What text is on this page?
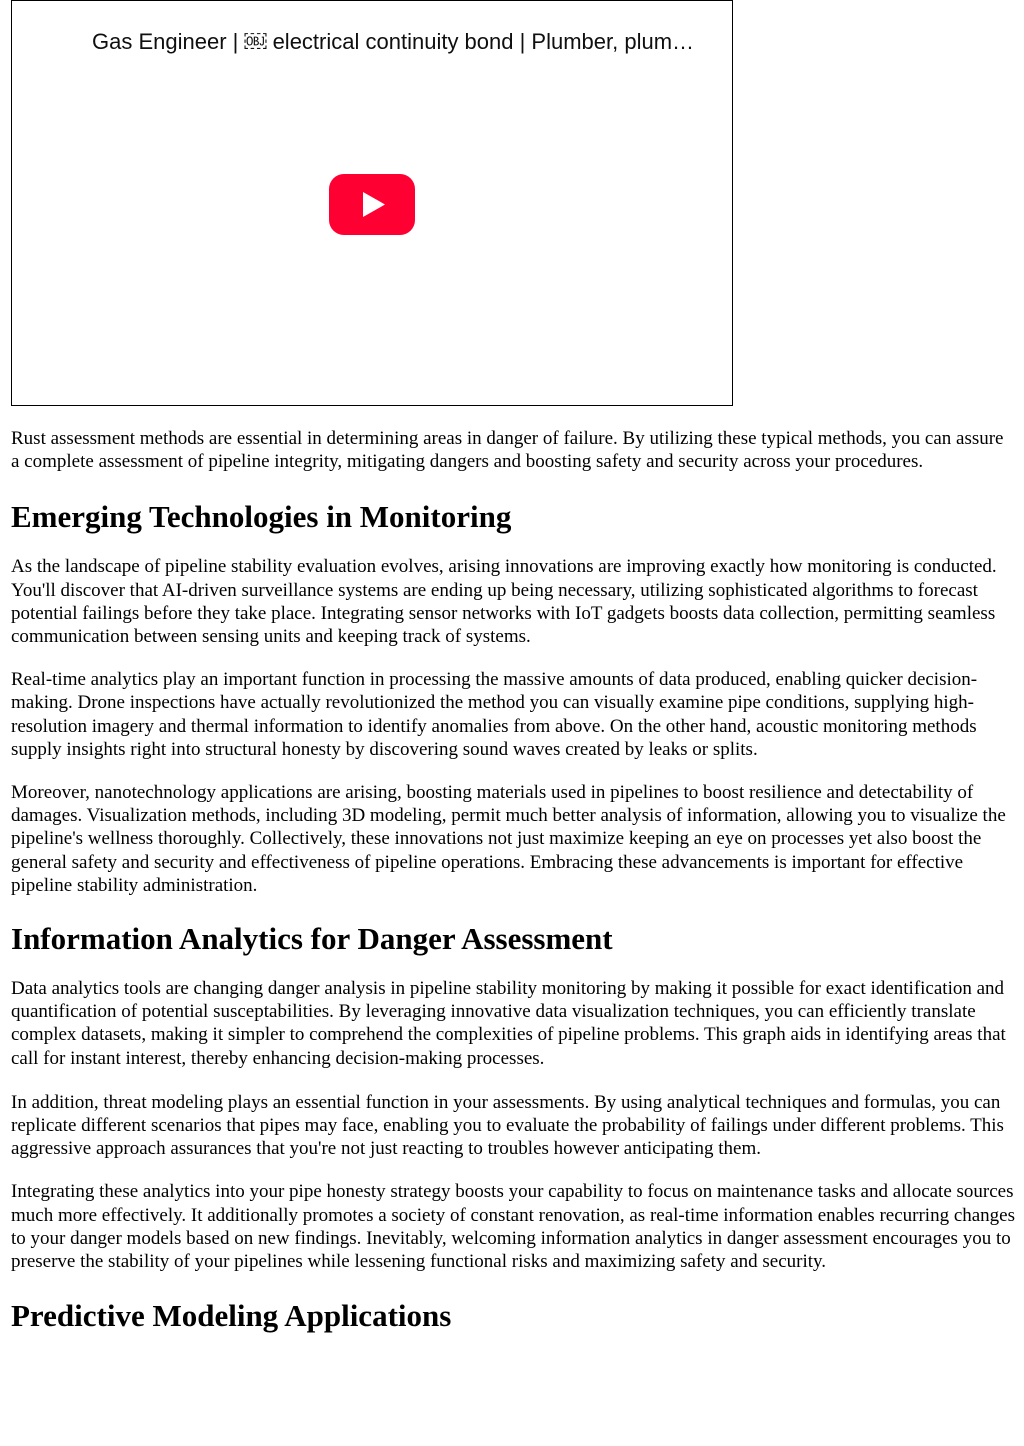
Gas Engineer | ￼ electrical continuity bond | Plumber, plum…

Rust assessment methods are essential in determining areas in danger of failure. By utilizing these typical methods, you can assure a complete assessment of pipeline integrity, mitigating dangers and boosting safety and security across your procedures.

Emerging Technologies in Monitoring

As the landscape of pipeline stability evaluation evolves, arising innovations are improving exactly how monitoring is conducted. You'll discover that AI-driven surveillance systems are ending up being necessary, utilizing sophisticated algorithms to forecast potential failings before they take place. Integrating sensor networks with IoT gadgets boosts data collection, permitting seamless communication between sensing units and keeping track of systems.

Real-time analytics play an important function in processing the massive amounts of data produced, enabling quicker decision-making. Drone inspections have actually revolutionized the method you can visually examine pipe conditions, supplying high-resolution imagery and thermal information to identify anomalies from above. On the other hand, acoustic monitoring methods supply insights right into structural honesty by discovering sound waves created by leaks or splits.

Moreover, nanotechnology applications are arising, boosting materials used in pipelines to boost resilience and detectability of damages. Visualization methods, including 3D modeling, permit much better analysis of information, allowing you to visualize the pipeline's wellness thoroughly. Collectively, these innovations not just maximize keeping an eye on processes yet also boost the general safety and security and effectiveness of pipeline operations. Embracing these advancements is important for effective pipeline stability administration.

Information Analytics for Danger Assessment

Data analytics tools are changing danger analysis in pipeline stability monitoring by making it possible for exact identification and quantification of potential susceptabilities. By leveraging innovative data visualization techniques, you can efficiently translate complex datasets, making it simpler to comprehend the complexities of pipeline problems. This graph aids in identifying areas that call for instant interest, thereby enhancing decision-making processes.

In addition, threat modeling plays an essential function in your assessments. By using analytical techniques and formulas, you can replicate different scenarios that pipes may face, enabling you to evaluate the probability of failings under different problems. This aggressive approach assurances that you're not just reacting to troubles however anticipating them.

Integrating these analytics into your pipe honesty strategy boosts your capability to focus on maintenance tasks and allocate sources much more effectively. It additionally promotes a society of constant renovation, as real-time information enables recurring changes to your danger models based on new findings. Inevitably, welcoming information analytics in danger assessment encourages you to preserve the stability of your pipelines while lessening functional risks and maximizing safety and security.

Predictive Modeling Applications
